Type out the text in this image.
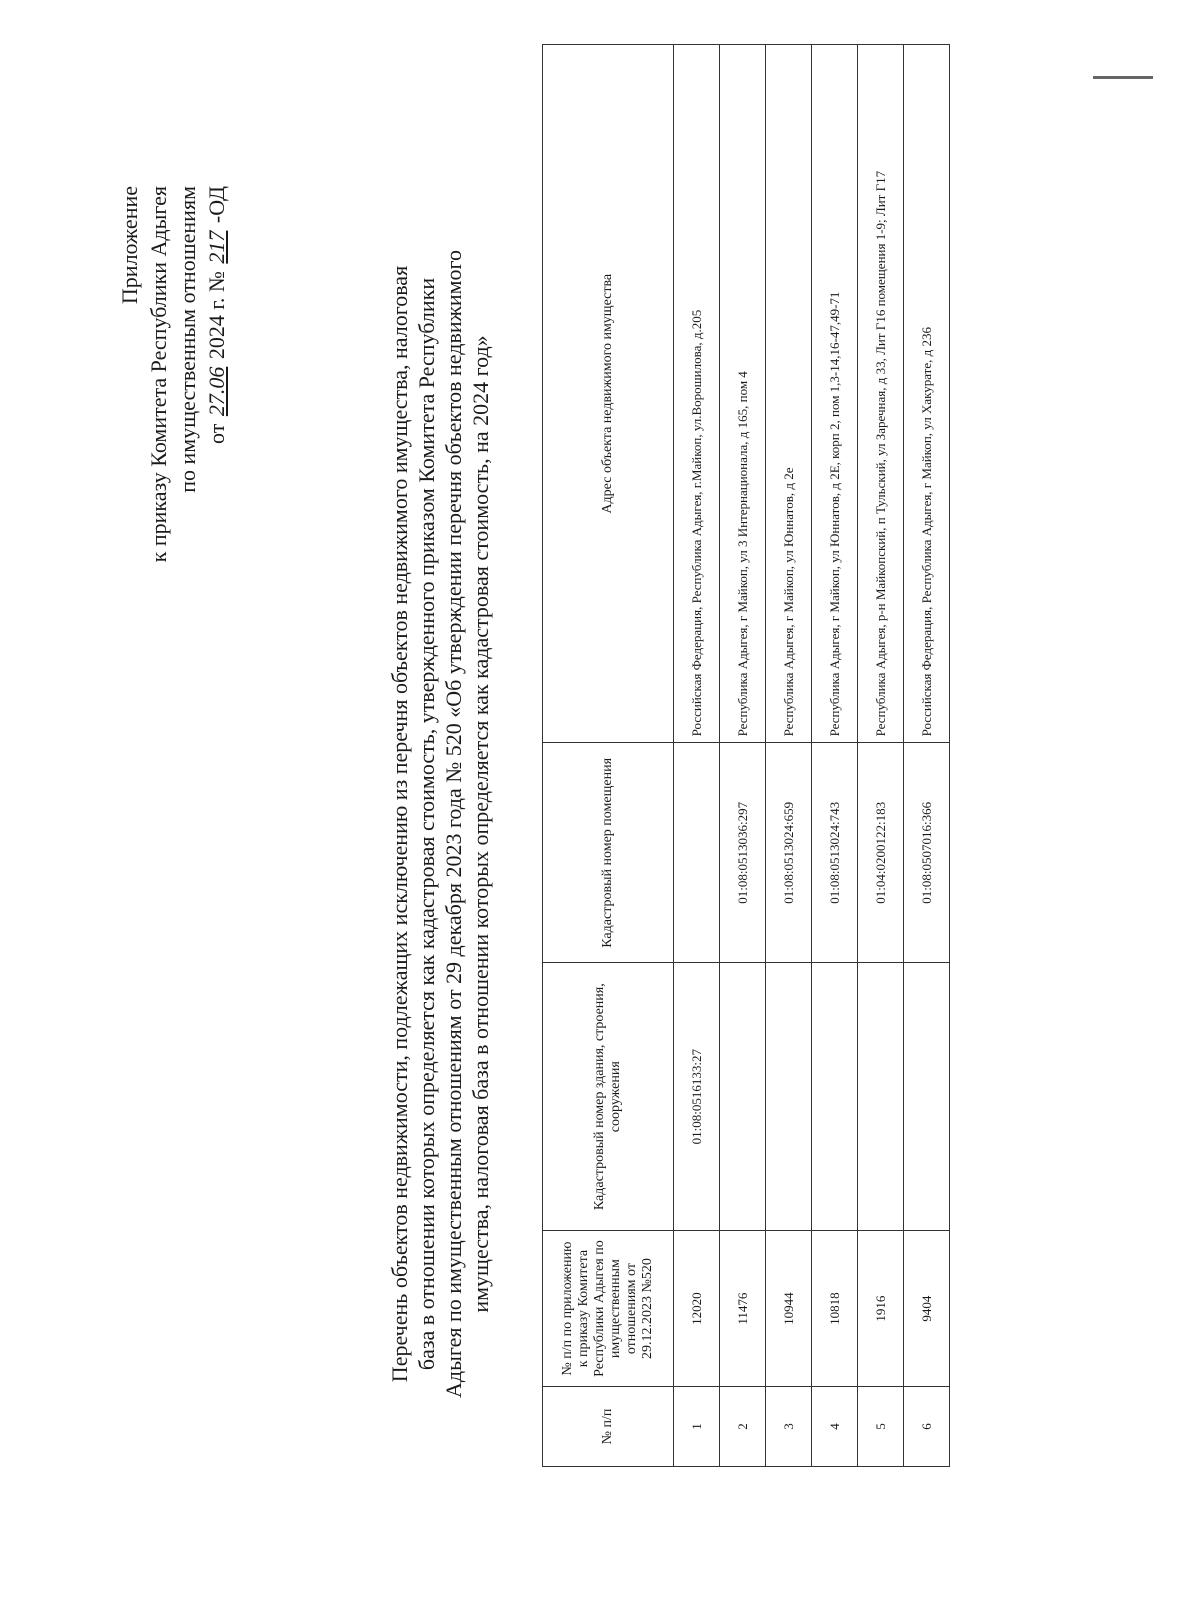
Приложение к приказу Комитета Республики Адыгея по имущественным отношениям от 27.06 2024 г. № 217 -ОД
Перечень объектов недвижимости, подлежащих исключению из перечня объектов недвижимого имущества, налоговая база в отношении которых определяется как кадастровая стоимость, утвержденного приказом Комитета Республики Адыгея по имущественным отношениям от 29 декабря 2023 года № 520 «Об утверждении перечня объектов недвижимого имущества, налоговая база в отношении которых определяется как кадастровая стоимость, на 2024 год»
№ п/п	№ п/п по приложению к приказу Комитета Республики Адыгея по имущественным отношениям от 29.12.2023 №520	Кадастровый номер здания, строения, сооружения	Кадастровый номер помещения	Адрес объекта недвижимого имущества
1	12020	01:08:0516133:27		Российская Федерация, Республика Адыгея, г.Майкоп, ул.Ворошилова, д.205
2	11476		01:08:0513036:297	Республика Адыгея, г Майкоп, ул 3 Интернационала, д 165, пом 4
3	10944		01:08:0513024:659	Республика Адыгея, г Майкоп, ул Юннатов, д 2е
4	10818		01:08:0513024:743	Республика Адыгея, г Майкоп, ул Юннатов, д 2Е, корп 2, пом 1,3-14,16-47,49-71
5	1916		01:04:0200122:183	Республика Адыгея, р-н Майкопский, п Тульский, ул Заречная, д 33, Лит Г16 помещения 1-9; Лит Г17
6	9404		01:08:0507016:366	Российская Федерация, Республика Адыгея, г Майкоп, ул Хакурате, д 236
